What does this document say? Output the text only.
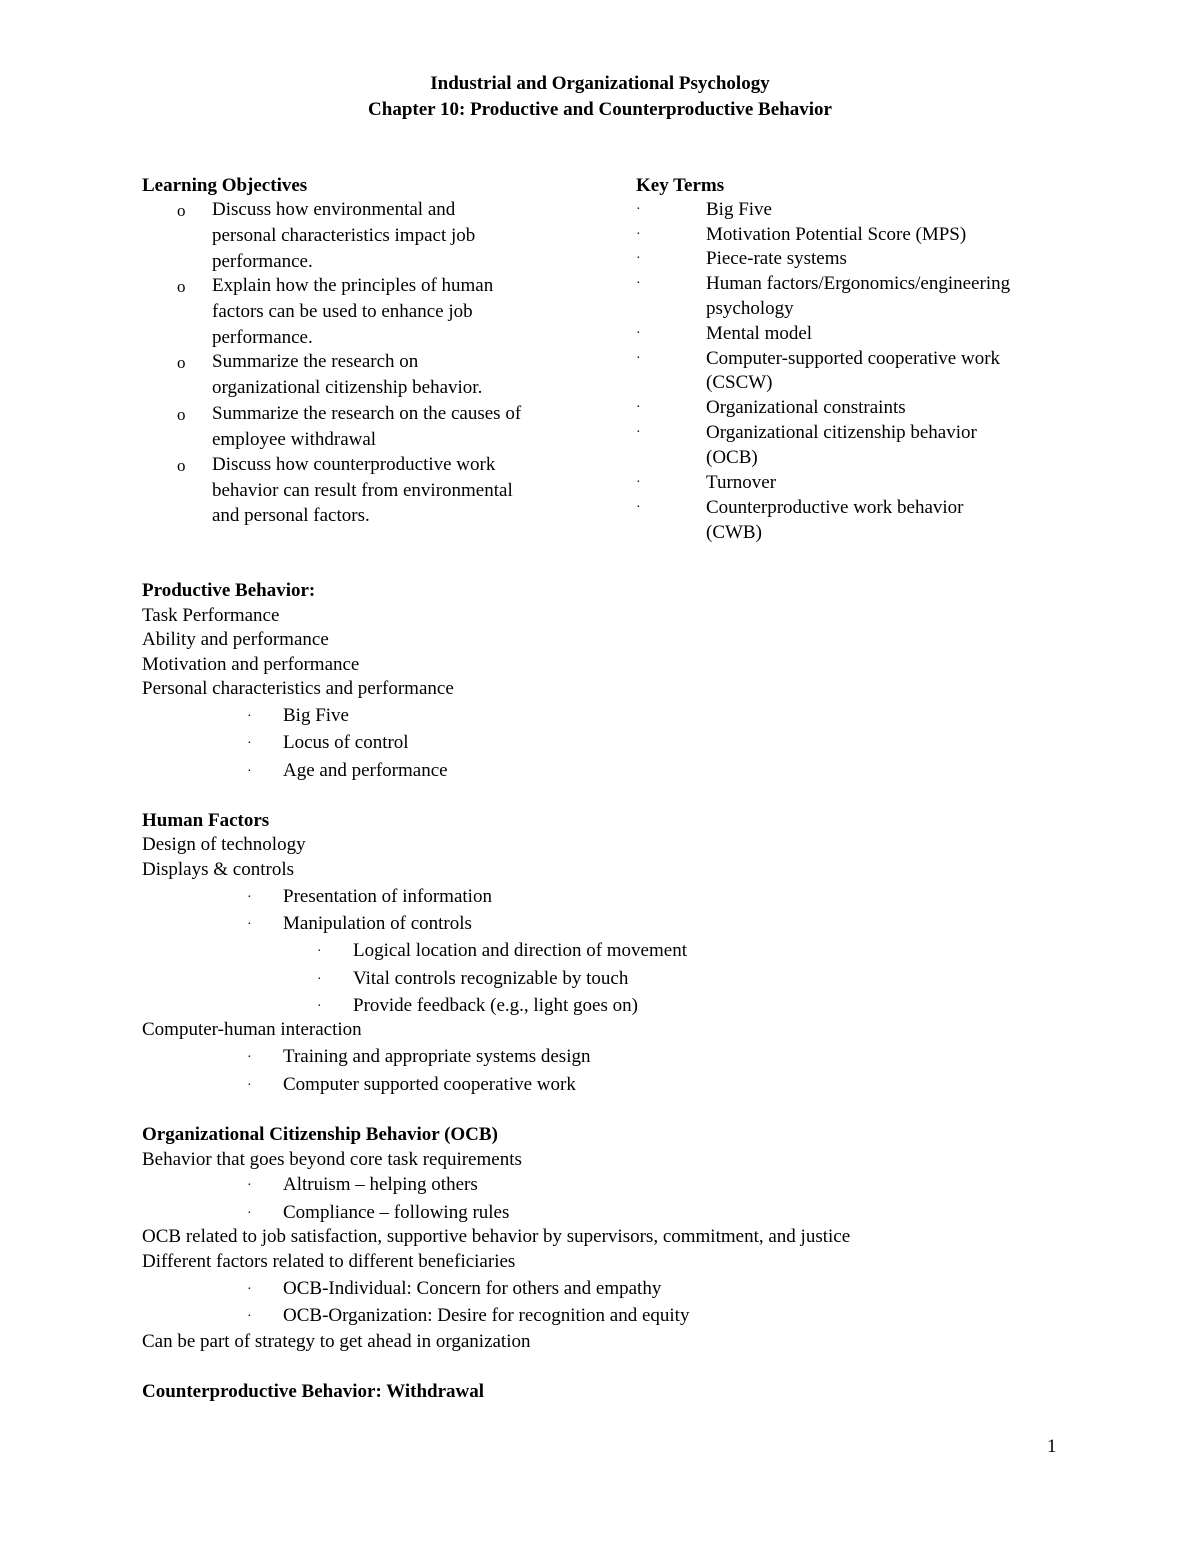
Industrial and Organizational Psychology
Chapter 10: Productive and Counterproductive Behavior
Learning Objectives
o Discuss how environmental and
personal characteristics impact job
performance.
o Explain how the principles of human
factors can be used to enhance job
performance.
o Summarize the research on
organizational citizenship behavior.
o Summarize the research on the causes of
employee withdrawal
o Discuss how counterproductive work
behavior can result from environmental
and personal factors.
Key Terms
·	Big Five
·	Motivation Potential Score (MPS)
·	Piece-rate systems
·	Human factors/Ergonomics/engineering
psychology
·	Mental model
·	Computer-supported cooperative work
(CSCW)
·	Organizational constraints
·	Organizational citizenship behavior
(OCB)
·	Turnover
·	Counterproductive work behavior
(CWB)
Productive Behavior:
Task Performance
Ability and performance
Motivation and performance
Personal characteristics and performance
· Big Five
· Locus of control
· Age and performance
Human Factors
Design of technology
Displays & controls
· Presentation of information
· Manipulation of controls
· Logical location and direction of movement
· Vital controls recognizable by touch
· Provide feedback (e.g., light goes on)
Computer-human interaction
· Training and appropriate systems design
· Computer supported cooperative work
Organizational Citizenship Behavior (OCB)
Behavior that goes beyond core task requirements
· Altruism – helping others
· Compliance – following rules
OCB related to job satisfaction, supportive behavior by supervisors, commitment, and justice
Different factors related to different beneficiaries
· OCB-Individual: Concern for others and empathy
· OCB-Organization: Desire for recognition and equity
Can be part of strategy to get ahead in organization
Counterproductive Behavior: Withdrawal
1
